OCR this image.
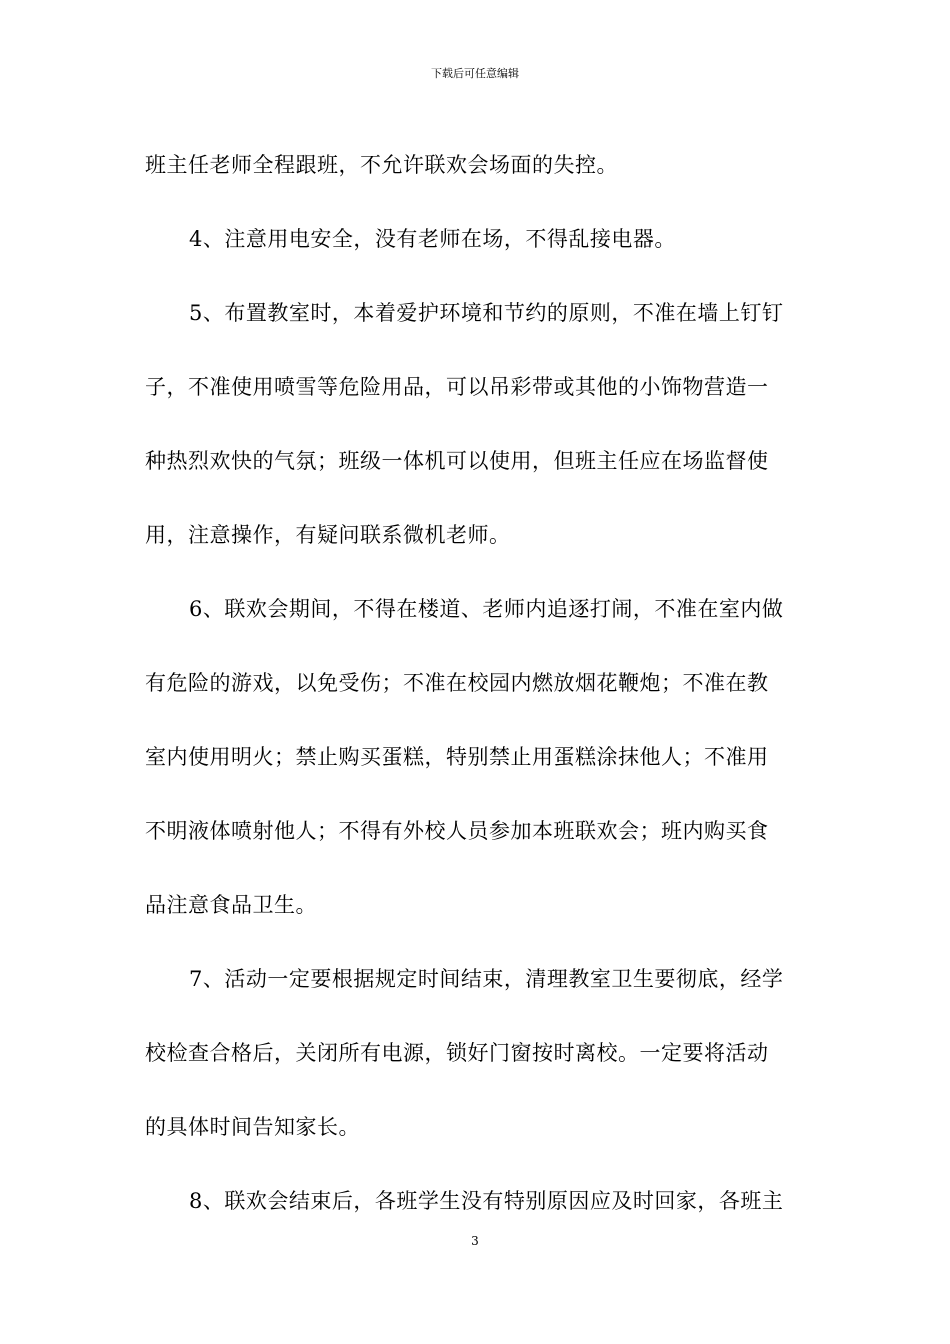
下载后可任意编辑
班主任老师全程跟班，不允许联欢会场面的失控。
4、注意用电安全，没有老师在场，不得乱接电器。
5、布置教室时，本着爱护环境和节约的原则，不准在墙上钉钉
子，不准使用喷雪等危险用品，可以吊彩带或其他的小饰物营造一
种热烈欢快的气氛；班级一体机可以使用，但班主任应在场监督使
用，注意操作，有疑问联系微机老师。
6、联欢会期间，不得在楼道、老师内追逐打闹，不准在室内做
有危险的游戏，以免受伤；不准在校园内燃放烟花鞭炮；不准在教
室内使用明火；禁止购买蛋糕，特别禁止用蛋糕涂抹他人；不准用
不明液体喷射他人；不得有外校人员参加本班联欢会；班内购买食
品注意食品卫生。
7、活动一定要根据规定时间结束，清理教室卫生要彻底，经学
校检查合格后，关闭所有电源，锁好门窗按时离校。一定要将活动
的具体时间告知家长。
8、联欢会结束后，各班学生没有特别原因应及时回家，各班主
3
